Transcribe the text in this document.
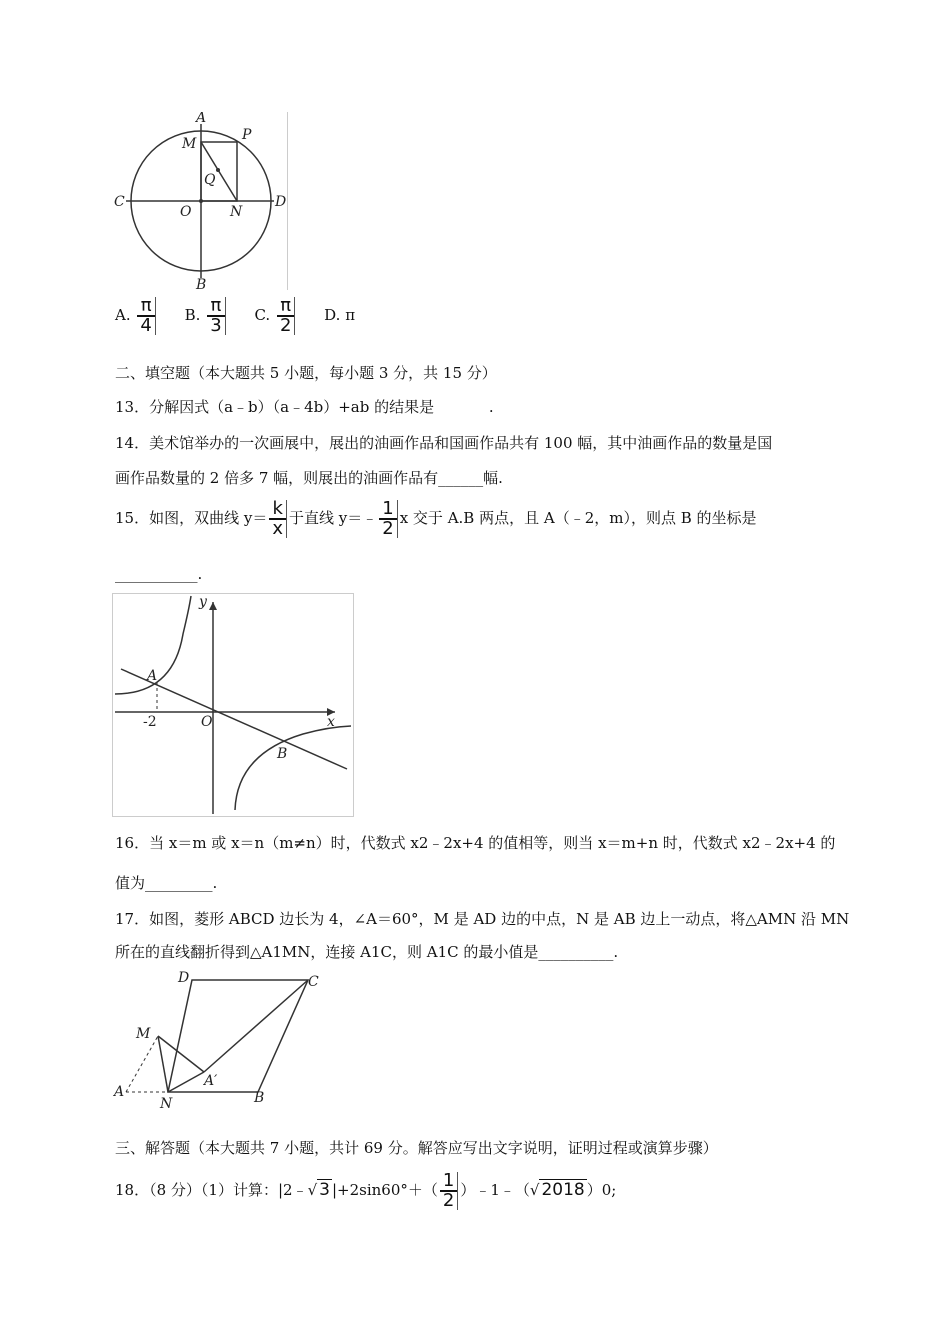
A
B
C	D
M
P
Q
O	N
A. $\frac{\pi}{4} B$. $\frac{\pi}{3} C$. $\frac{\pi}{2} D$. π
二、填空题（本大题共 5 小题，每小题 3 分，共 15 分）
13．分解因式（a﹣b）（a﹣4b）+ab 的结果是	.
14．美术馆举办的一次画展中，展出的油画作品和国画作品共有 100 幅，其中油画作品的数量是国
画作品数量的 2 倍多 7 幅，则展出的油画作品有______幅.
15．如图，双曲线 $y= \frac{k}{x}$ 于直线 y＝﹣ $\frac{1}{2}$ x 交于 A.B 两点，且 A（﹣2，m），则点 B 的坐标是
___________.
y
x
A
B
O
-2
16．当 x＝m 或 x＝n（m≠n）时，代数式 x2﹣2x+4 的值相等，则当 x＝m+n 时，代数式 x2﹣2x+4 的
值为_________.
17．如图，菱形 ABCD 边长为 4，∠A＝60°，M 是 AD 边的中点，N 是 AB 边上一动点，将△AMN 沿 MN
所在的直线翻折得到△A1MN，连接 A1C，则 A1C 的最小值是__________.
D	C
M
A′
A
N	B
三、解答题（本大题共 7 小题，共计 69 分。解答应写出文字说明，证明过程或演算步骤）
18．（8 分）（1）计算：|2﹣√ 3 $|+2\sin 60^\circ+( \frac{1}{2}$ ）﹣1﹣（√ 2018 ）0;
